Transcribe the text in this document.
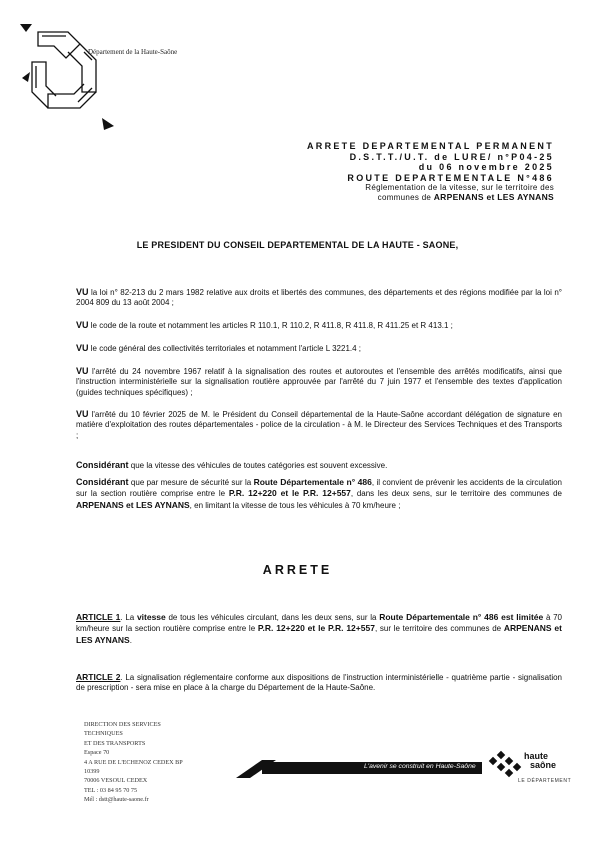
Département de la Haute-Saône
ARRETE DEPARTEMENTAL PERMANENT
D.S.T.T./U.T. de LURE/ n°P04-25
du 06 novembre 2025
ROUTE DEPARTEMENTALE N°486
Réglementation de la vitesse, sur le territoire des
communes de ARPENANS et LES AYNANS
LE PRESIDENT DU CONSEIL DEPARTEMENTAL DE LA HAUTE - SAONE,
VU la loi n° 82-213 du 2 mars 1982 relative aux droits et libertés des communes, des départements et des régions modifiée par la loi n° 2004 809 du 13 août 2004 ;
VU le code de la route et notamment les articles R 110.1, R 110.2, R 411.8, R 411.8, R 411.25 et R 413.1 ;
VU le code général des collectivités territoriales et notamment l'article L 3221.4 ;
VU l'arrêté du 24 novembre 1967 relatif à la signalisation des routes et autoroutes et l'ensemble des arrêtés modificatifs, ainsi que l'instruction interministérielle sur la signalisation routière approuvée par l'arrêté du 7 juin 1977 et l'ensemble des textes d'application (guides techniques spécifiques) ;
VU l'arrêté du 10 février 2025 de M. le Président du Conseil départemental de la Haute-Saône accordant délégation de signature en matière d'exploitation des routes départementales - police de la circulation - à M. le Directeur des Services Techniques et des Transports ;
Considérant que la vitesse des véhicules de toutes catégories est souvent excessive.
Considérant que par mesure de sécurité sur la Route Départementale n° 486, il convient de prévenir les accidents de la circulation sur la section routière comprise entre le P.R. 12+220 et le P.R. 12+557, dans les deux sens, sur le territoire des communes de ARPENANS et LES AYNANS, en limitant la vitesse de tous les véhicules à 70 km/heure ;
ARRETE
ARTICLE 1. La vitesse de tous les véhicules circulant, dans les deux sens, sur la Route Départementale n° 486 est limitée à 70 km/heure sur la section routière comprise entre le P.R. 12+220 et le P.R. 12+557, sur le territoire des communes de ARPENANS et LES AYNANS.
ARTICLE 2. La signalisation réglementaire conforme aux dispositions de l'instruction interministérielle - quatrième partie - signalisation de prescription - sera mise en place à la charge du Département de la Haute-Saône.
DIRECTION DES SERVICES
TECHNIQUES
ET DES TRANSPORTS
Espace 70
4 A RUE DE L'ECHENOZ CEDEX BP
10399
70006 VESOUL CEDEX
TEL : 03 84 95 70 75
Mél : dstt@haute-saone.fr
L'avenir se construit en Haute-Saône
haute
saône
LE DÉPARTEMENT
